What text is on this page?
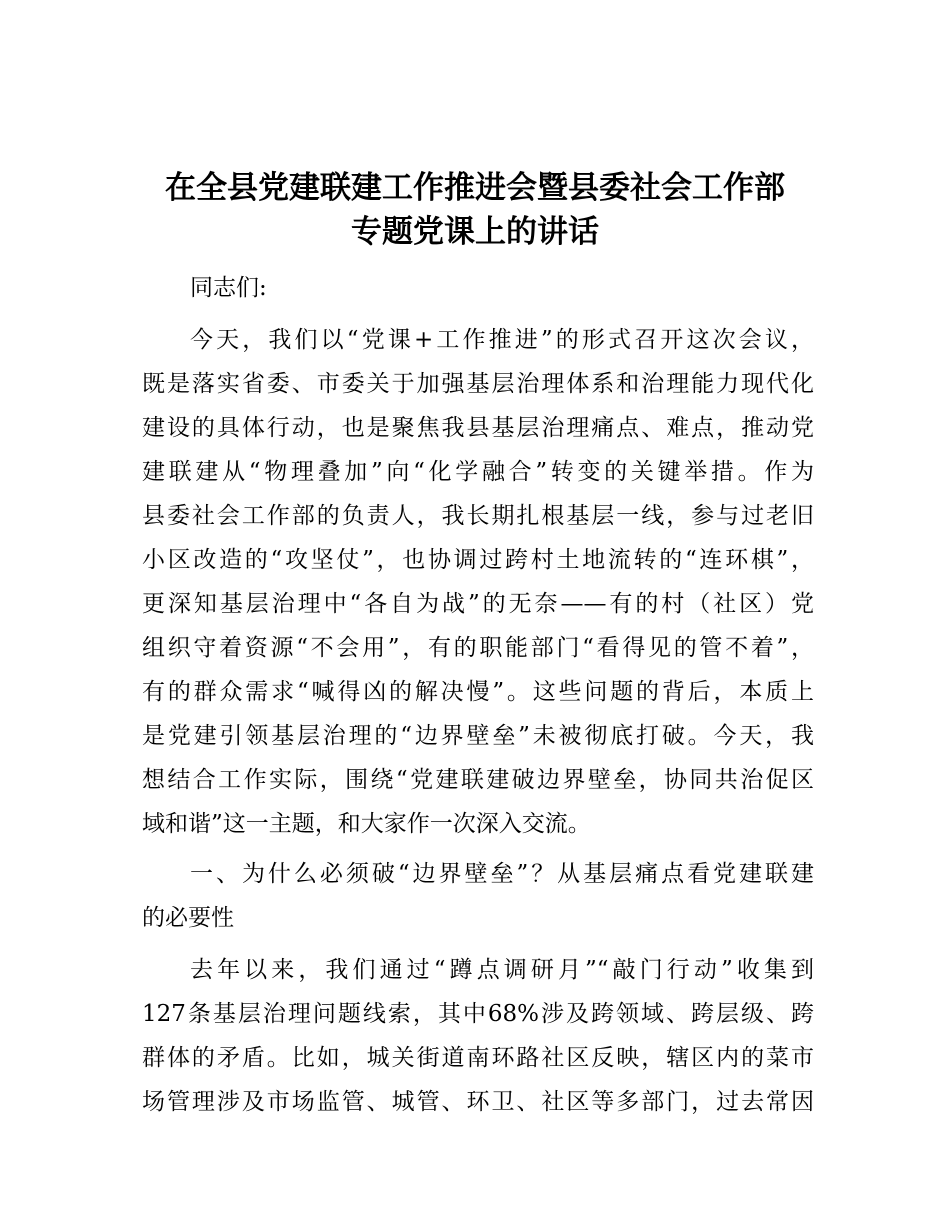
在全县党建联建工作推进会暨县委社会工作部
专题党课上的讲话
同志们:
今天，我们以“党课+工作推进”的形式召开这次会议，
既是落实省委、市委关于加强基层治理体系和治理能力现代化
建设的具体行动，也是聚焦我县基层治理痛点、难点，推动党
建联建从“物理叠加”向“化学融合”转变的关键举措。作为
县委社会工作部的负责人，我长期扎根基层一线，参与过老旧
小区改造的“攻坚仗”，也协调过跨村土地流转的“连环棋”，
更深知基层治理中“各自为战”的无奈——有的村（社区）党
组织守着资源“不会用”，有的职能部门“看得见的管不着”，
有的群众需求“喊得凶的解决慢”。这些问题的背后，本质上
是党建引领基层治理的“边界壁垒”未被彻底打破。今天，我
想结合工作实际，围绕“党建联建破边界壁垒，协同共治促区
域和谐”这一主题，和大家作一次深入交流。
一、为什么必须破“边界壁垒”？从基层痛点看党建联建
的必要性
去年以来，我们通过“蹲点调研月”“敲门行动”收集到
127条基层治理问题线索，其中68%涉及跨领域、跨层级、跨
群体的矛盾。比如，城关街道南环路社区反映，辖区内的菜市
场管理涉及市场监管、城管、环卫、社区等多部门，过去常因
